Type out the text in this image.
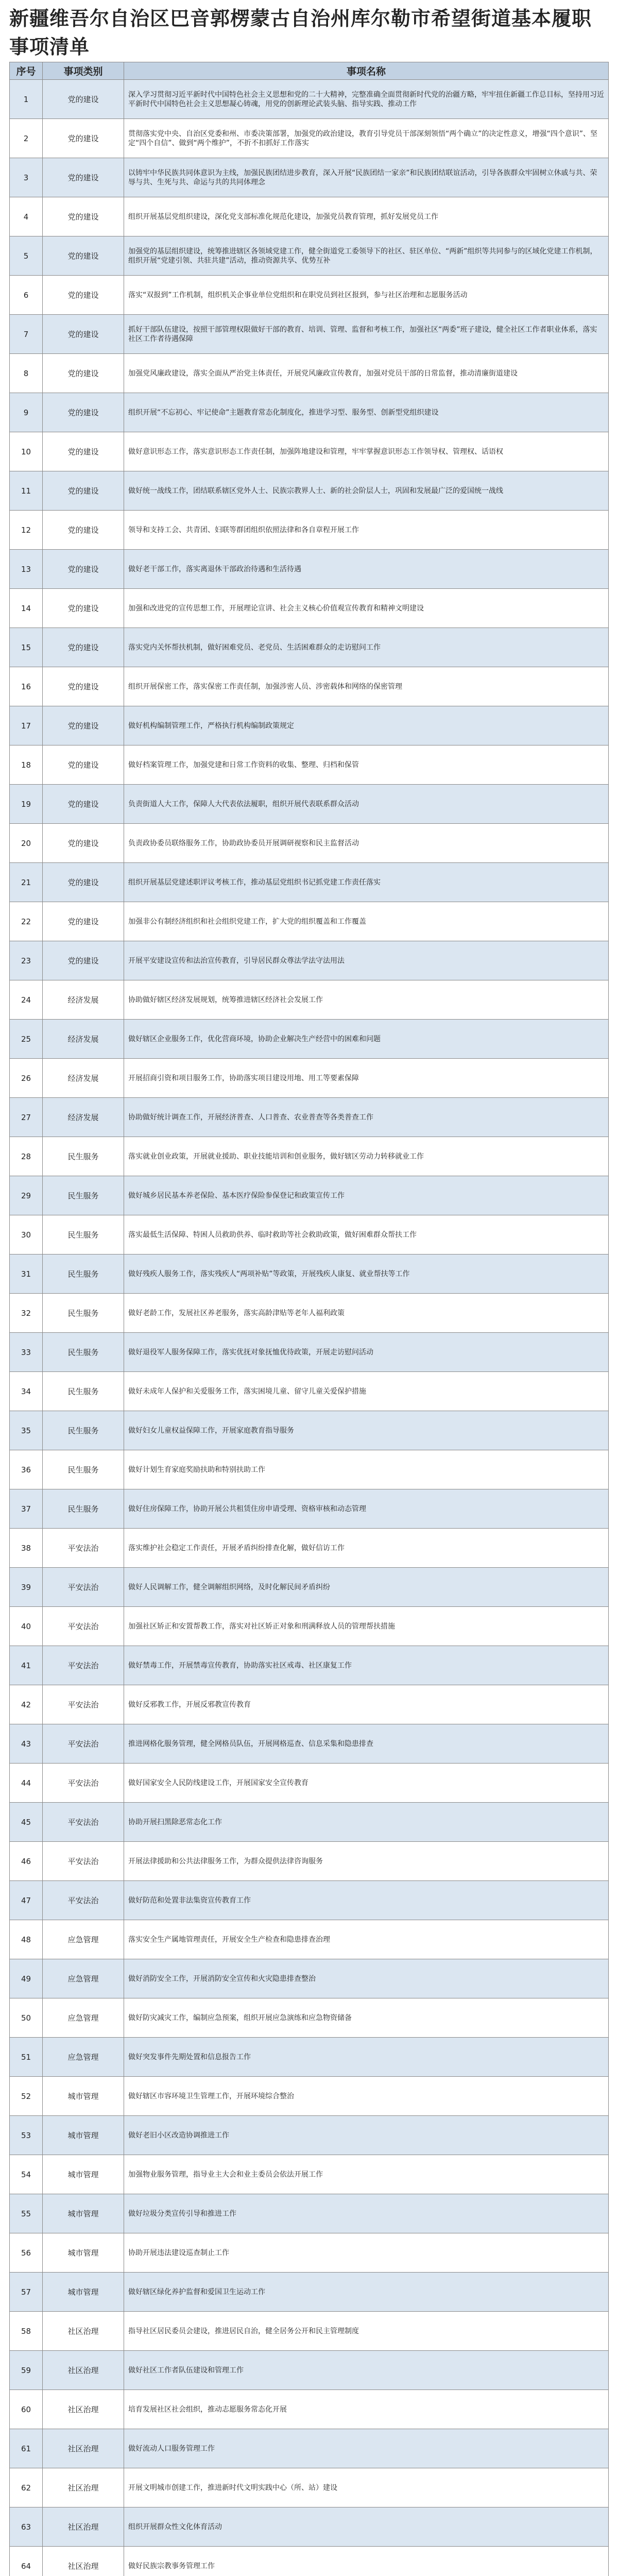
新疆维吾尔自治区巴音郭楞蒙古自治州库尔勒市希望街道基本履职事项清单
序号	事项类别	事项名称

1	党的建设	深入学习贯彻习近平新时代中国特色社会主义思想和党的二十大精神，完整准确全面贯彻新时代党的治疆方略，牢牢扭住新疆工作总目标，坚持用习近平新时代中国特色社会主义思想凝心铸魂，用党的创新理论武装头脑、指导实践、推动工作

2	党的建设	贯彻落实党中央、自治区党委和州、市委决策部署，加强党的政治建设，教育引导党员干部深刻领悟“两个确立”的决定性意义，增强“四个意识”、坚定“四个自信”、做到“两个维护”，不折不扣抓好工作落实

3	党的建设	以铸牢中华民族共同体意识为主线，加强民族团结进步教育，深入开展“民族团结一家亲”和民族团结联谊活动，引导各族群众牢固树立休戚与共、荣辱与共、生死与共、命运与共的共同体理念

4	党的建设	组织开展基层党组织建设，深化党支部标准化规范化建设，加强党员教育管理，抓好发展党员工作

5	党的建设	加强党的基层组织建设，统筹推进辖区各领域党建工作，健全街道党工委领导下的社区、驻区单位、“两新”组织等共同参与的区域化党建工作机制，组织开展“党建引领、共驻共建”活动，推动资源共享、优势互补

6	党的建设	落实“双报到”工作机制，组织机关企事业单位党组织和在职党员到社区报到，参与社区治理和志愿服务活动

7	党的建设	抓好干部队伍建设，按照干部管理权限做好干部的教育、培训、管理、监督和考核工作，加强社区“两委”班子建设，健全社区工作者职业体系，落实社区工作者待遇保障

8	党的建设	加强党风廉政建设，落实全面从严治党主体责任，开展党风廉政宣传教育，加强对党员干部的日常监督，推动清廉街道建设

9	党的建设	组织开展“不忘初心、牢记使命”主题教育常态化制度化，推进学习型、服务型、创新型党组织建设

10	党的建设	做好意识形态工作，落实意识形态工作责任制，加强阵地建设和管理，牢牢掌握意识形态工作领导权、管理权、话语权

11	党的建设	做好统一战线工作，团结联系辖区党外人士、民族宗教界人士、新的社会阶层人士，巩固和发展最广泛的爱国统一战线

12	党的建设	领导和支持工会、共青团、妇联等群团组织依照法律和各自章程开展工作

13	党的建设	做好老干部工作，落实离退休干部政治待遇和生活待遇

14	党的建设	加强和改进党的宣传思想工作，开展理论宣讲、社会主义核心价值观宣传教育和精神文明建设

15	党的建设	落实党内关怀帮扶机制，做好困难党员、老党员、生活困难群众的走访慰问工作

16	党的建设	组织开展保密工作，落实保密工作责任制，加强涉密人员、涉密载体和网络的保密管理

17	党的建设	做好机构编制管理工作，严格执行机构编制政策规定

18	党的建设	做好档案管理工作，加强党建和日常工作资料的收集、整理、归档和保管

19	党的建设	负责街道人大工作，保障人大代表依法履职，组织开展代表联系群众活动

20	党的建设	负责政协委员联络服务工作，协助政协委员开展调研视察和民主监督活动

21	党的建设	组织开展基层党建述职评议考核工作，推动基层党组织书记抓党建工作责任落实

22	党的建设	加强非公有制经济组织和社会组织党建工作，扩大党的组织覆盖和工作覆盖

23	党的建设	开展平安建设宣传和法治宣传教育，引导居民群众尊法学法守法用法

24	经济发展	协助做好辖区经济发展规划，统筹推进辖区经济社会发展工作

25	经济发展	做好辖区企业服务工作，优化营商环境，协助企业解决生产经营中的困难和问题

26	经济发展	开展招商引资和项目服务工作，协助落实项目建设用地、用工等要素保障

27	经济发展	协助做好统计调查工作，开展经济普查、人口普查、农业普查等各类普查工作

28	民生服务	落实就业创业政策，开展就业援助、职业技能培训和创业服务，做好辖区劳动力转移就业工作

29	民生服务	做好城乡居民基本养老保险、基本医疗保险参保登记和政策宣传工作

30	民生服务	落实最低生活保障、特困人员救助供养、临时救助等社会救助政策，做好困难群众帮扶工作

31	民生服务	做好残疾人服务工作，落实残疾人“两项补贴”等政策，开展残疾人康复、就业帮扶等工作

32	民生服务	做好老龄工作，发展社区养老服务，落实高龄津贴等老年人福利政策

33	民生服务	做好退役军人服务保障工作，落实优抚对象抚恤优待政策，开展走访慰问活动

34	民生服务	做好未成年人保护和关爱服务工作，落实困境儿童、留守儿童关爱保护措施

35	民生服务	做好妇女儿童权益保障工作，开展家庭教育指导服务

36	民生服务	做好计划生育家庭奖励扶助和特别扶助工作

37	民生服务	做好住房保障工作，协助开展公共租赁住房申请受理、资格审核和动态管理

38	平安法治	落实维护社会稳定工作责任，开展矛盾纠纷排查化解，做好信访工作

39	平安法治	做好人民调解工作，健全调解组织网络，及时化解民间矛盾纠纷

40	平安法治	加强社区矫正和安置帮教工作，落实对社区矫正对象和刑满释放人员的管理帮扶措施

41	平安法治	做好禁毒工作，开展禁毒宣传教育，协助落实社区戒毒、社区康复工作

42	平安法治	做好反邪教工作，开展反邪教宣传教育

43	平安法治	推进网格化服务管理，健全网格员队伍，开展网格巡查、信息采集和隐患排查

44	平安法治	做好国家安全人民防线建设工作，开展国家安全宣传教育

45	平安法治	协助开展扫黑除恶常态化工作

46	平安法治	开展法律援助和公共法律服务工作，为群众提供法律咨询服务

47	平安法治	做好防范和处置非法集资宣传教育工作

48	应急管理	落实安全生产属地管理责任，开展安全生产检查和隐患排查治理

49	应急管理	做好消防安全工作，开展消防安全宣传和火灾隐患排查整治

50	应急管理	做好防灾减灾工作，编制应急预案，组织开展应急演练和应急物资储备

51	应急管理	做好突发事件先期处置和信息报告工作

52	城市管理	做好辖区市容环境卫生管理工作，开展环境综合整治

53	城市管理	做好老旧小区改造协调推进工作

54	城市管理	加强物业服务管理，指导业主大会和业主委员会依法开展工作

55	城市管理	做好垃圾分类宣传引导和推进工作

56	城市管理	协助开展违法建设巡查制止工作

57	城市管理	做好辖区绿化养护监督和爱国卫生运动工作

58	社区治理	指导社区居民委员会建设，推进居民自治，健全居务公开和民主管理制度

59	社区治理	做好社区工作者队伍建设和管理工作

60	社区治理	培育发展社区社会组织，推动志愿服务常态化开展

61	社区治理	做好流动人口服务管理工作

62	社区治理	开展文明城市创建工作，推进新时代文明实践中心（所、站）建设

63	社区治理	组织开展群众性文化体育活动

64	社区治理	做好民族宗教事务管理工作
